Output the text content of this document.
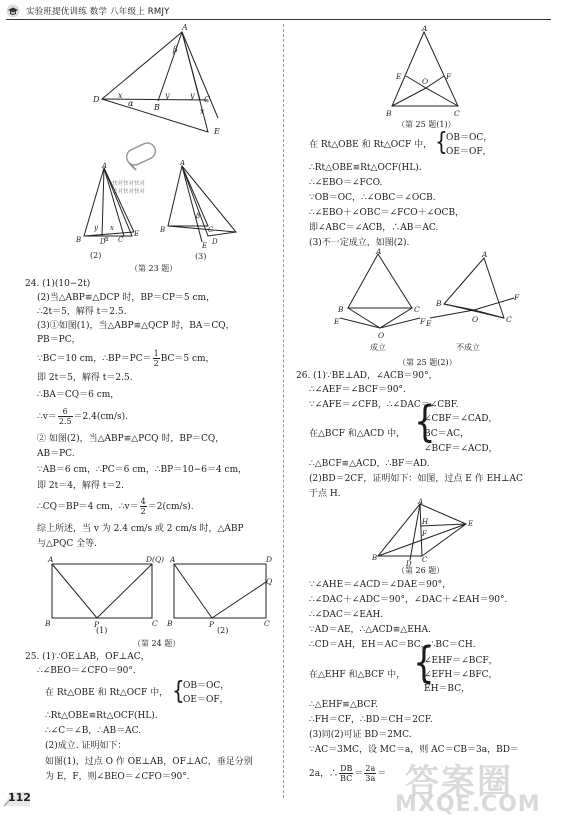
实验班提优训练 数学 八年级上 RMJY
A
β
D x
α	B
y	y C
x
E
A
B	D C
E
y x
α
A
B	C
E D
β
快对快对快对
快对快对快对
(2)	(3)
（第 23 题）
24. (1)(10−2t)
(2)当△ABP≌△DCP 时，BP＝CP＝5 cm，
∴2t＝5，解得 t＝2.5.
(3)①如图(1)，当△ABP≌△QCP 时，BA＝CQ，
PB＝PC，
∵BC＝10 cm，∴BP＝PC＝ $\frac{1}{2} BC=5$ cm，
即 2t＝5，解得 t＝2.5.
∴BA＝CQ＝6 cm，
∴v＝ $\frac{6}{2.5} =2.4(cm/s)$.
② 如图(2)，当△ABP≌△PCQ 时，BP＝CQ，
AB＝PC.
∵AB＝6 cm，∴PC＝6 cm，∴BP＝10−6＝4 cm，
即 2t＝4，解得 t＝2.
∴CQ＝BP＝4 cm，∴v＝ $\frac{4}{2} =2(cm/s)$.
综上所述，当 v 为 2.4 cm/s 或 2 cm/s 时，△ABP
与△PQC 全等.
A	D(Q)
B	P	C
A	D
Q
B	P	C
(1)	(2)
（第 24 题）
25. (1)∵OE⊥AB，OF⊥AC，
∴∠BEO＝∠CFO＝90°.
在 Rt△OBE 和 Rt△OCF 中， {
OB＝OC，
OE＝OF，
∴Rt△OBE≌Rt△OCF(HL).
∴∠C＝∠B，∴AB＝AC.
(2)成立. 证明如下：
如图(1)，过点 O 作 OE⊥AB，OF⊥AC，垂足分别
为 E，F，则∠BEO＝∠CFO＝90°.
112
A
E	F
O
B	C
（第 25 题(1)）
在 Rt△OBE 和 Rt△OCF 中， {
OB＝OC，
OE＝OF，
∴Rt△OBE≌Rt△OCF(HL).
∴∠EBO＝∠FCO.
∵OB＝OC，∴∠OBC＝∠OCB.
∴∠EBO＋∠OBC＝∠FCO＋∠OCB，
即∠ABC＝∠ACB，∴AB＝AC.
(3)不一定成立，如图(2).
A
B	C
E	F
O
A
B
C
E
F
O
成立	不成立
（第 25 题(2)）
26. (1)∵BE⊥AD，∠ACB＝90°，
∴∠AEF＝∠BCF＝90°.
∵∠AFE＝∠CFB，∴∠DAC＝∠CBF.
在△BCF 和△ACD 中， {
∠CBF＝∠CAD，
BC＝AC，
∠BCF＝∠ACD，
∴△BCF≌△ACD，∴BF＝AD.
(2)BD＝2CF，证明如下：如图，过点 E 作 EH⊥AC
于点 H.
A
H
F
E
B
D C
（第 26 题）
∵∠AHE＝∠ACD＝∠DAE＝90°，
∴∠DAC＋∠ADC＝90°，∠DAC＋∠EAH＝90°.
∴∠DAC＝∠EAH.
∵AD＝AE，∴△ACD≌△EHA.
∴CD＝AH，EH＝AC＝BC，∴BC＝CH.
在△EHF 和△BCF 中， {
∠EHF＝∠BCF，
∠EFH＝∠BFC，
EH＝BC，
∴△EHF≌△BCF.
∴FH＝CF，∴BD＝CH＝2CF.
(3)同(2)可证 BD＝2MC.
∵AC＝3MC，设 MC＝a，则 AC＝CB＝3a，BD＝
2a，∴ $\frac{DB}{BC} = \frac{2a}{3a}$ ＝ 答案圈
MXQE.COM
